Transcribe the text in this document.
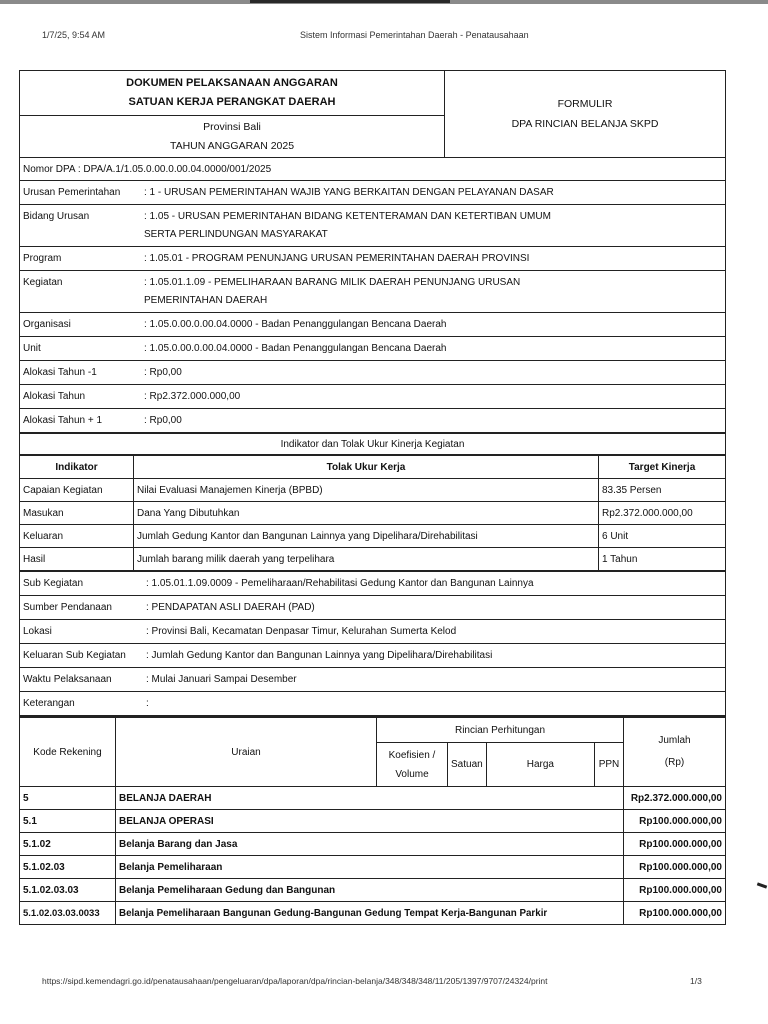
1/7/25, 9:54 AM	Sistem Informasi Pemerintahan Daerah - Penatausahaan
DOKUMEN PELAKSANAAN ANGGARAN
SATUAN KERJA PERANGKAT DAERAH
Provinsi Bali
TAHUN ANGGARAN 2025
FORMULIR
DPA RINCIAN BELANJA SKPD
Nomor DPA : DPA/A.1/1.05.0.00.0.00.04.0000/001/2025
Urusan Pemerintahan	: 1 - URUSAN PEMERINTAHAN WAJIB YANG BERKAITAN DENGAN PELAYANAN DASAR
Bidang Urusan	: 1.05 - URUSAN PEMERINTAHAN BIDANG KETENTERAMAN DAN KETERTIBAN UMUM SERTA PERLINDUNGAN MASYARAKAT
Program	: 1.05.01 - PROGRAM PENUNJANG URUSAN PEMERINTAHAN DAERAH PROVINSI
Kegiatan	: 1.05.01.1.09 - PEMELIHARAAN BARANG MILIK DAERAH PENUNJANG URUSAN PEMERINTAHAN DAERAH
Organisasi	: 1.05.0.00.0.00.04.0000 - Badan Penanggulangan Bencana Daerah
Unit	: 1.05.0.00.0.00.04.0000 - Badan Penanggulangan Bencana Daerah
Alokasi Tahun -1	: Rp0,00
Alokasi Tahun	: Rp2.372.000.000,00
Alokasi Tahun + 1	: Rp0,00
Indikator dan Tolak Ukur Kinerja Kegiatan
Indikator	Tolak Ukur Kerja	Target Kinerja
Capaian Kegiatan	Nilai Evaluasi Manajemen Kinerja (BPBD)	83.35 Persen
Masukan	Dana Yang Dibutuhkan	Rp2.372.000.000,00
Keluaran	Jumlah Gedung Kantor dan Bangunan Lainnya yang Dipelihara/Direhabilitasi	6 Unit
Hasil	Jumlah barang milik daerah yang terpelihara	1 Tahun
Sub Kegiatan	: 1.05.01.1.09.0009 - Pemeliharaan/Rehabilitasi Gedung Kantor dan Bangunan Lainnya
Sumber Pendanaan	: PENDAPATAN ASLI DAERAH (PAD)
Lokasi	: Provinsi Bali, Kecamatan Denpasar Timur, Kelurahan Sumerta Kelod
Keluaran Sub Kegiatan	: Jumlah Gedung Kantor dan Bangunan Lainnya yang Dipelihara/Direhabilitasi
Waktu Pelaksanaan	: Mulai Januari Sampai Desember
Keterangan	:
Kode Rekening	Uraian	Rincian Perhitungan				Jumlah
(Rp)

		Koefisien / Volume	Satuan	Harga	PPN	
5	BELANJA DAERAH					Rp2.372.000.000,00
5.1	BELANJA OPERASI					Rp100.000.000,00
5.1.02	Belanja Barang dan Jasa					Rp100.000.000,00
5.1.02.03	Belanja Pemeliharaan					Rp100.000.000,00
5.1.02.03.03	Belanja Pemeliharaan Gedung dan Bangunan					Rp100.000.000,00
5.1.02.03.03.0033	Belanja Pemeliharaan Bangunan Gedung-Bangunan Gedung Tempat Kerja-Bangunan Parkir					Rp100.000.000,00
https://sipd.kemendagri.go.id/penatausahaan/pengeluaran/dpa/laporan/dpa/rincian-belanja/348/348/348/11/205/1397/9707/24324/print	1/3
